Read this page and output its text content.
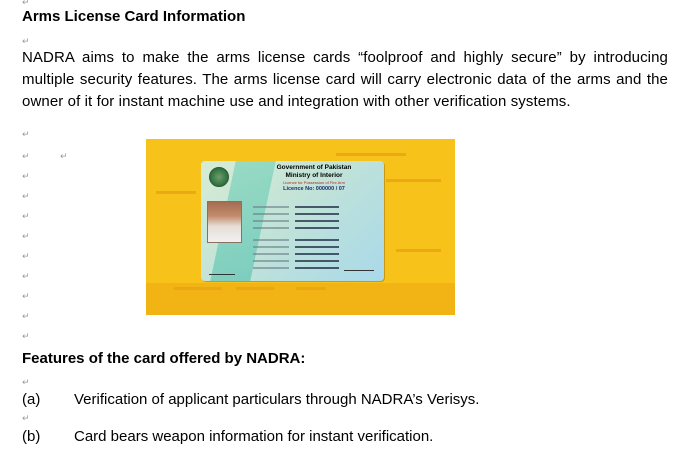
↵
↵
↵
↵
↵
↵
↵
↵
↵
↵
↵
↵
↵
↵
↵
↵
Arms License Card Information
NADRA aims to make the arms license cards “foolproof and highly secure” by introducing multiple security features. The arms license card will carry electronic data of the arms and the owner of it for instant machine use and integration with other verification systems.
Government of Pakistan
Ministry of Interior
Licence for Possession of Fire Arm
Licence No: 000000 / 07
Features of the card offered by NADRA:
(a) Verification of applicant particulars through NADRA’s Verisys.
(b) Card bears weapon information for instant verification.
